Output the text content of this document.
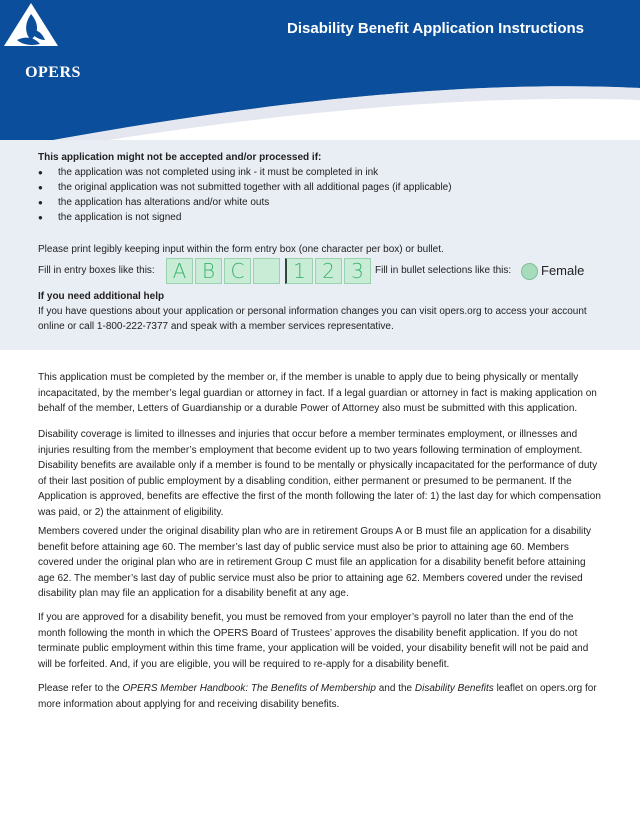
OPERS
Disability Benefit Application Instructions
This application might not be accepted and/or processed if:
● the application was not completed using ink - it must be completed in ink
● the original application was not submitted together with all additional pages (if applicable)
● the application has alterations and/or white outs
● the application is not signed
Please print legibly keeping input within the form entry box (one character per box) or bullet.
Fill in entry boxes like this: A B C	1 2 3	Fill in bullet selections like this: Female
If you need additional help
If you have questions about your application or personal information changes you can visit opers.org to access your account online or call 1-800-222-7377 and speak with a member services representative.
This application must be completed by the member or, if the member is unable to apply due to being physically or mentally incapacitated, by the member’s legal guardian or attorney in fact. If a legal guardian or attorney in fact is making application on behalf of the member, Letters of Guardianship or a durable Power of Attorney also must be submitted with this application.
Disability coverage is limited to illnesses and injuries that occur before a member terminates employment, or illnesses and injuries resulting from the member’s employment that become evident up to two years following termination of employment. Disability benefits are available only if a member is found to be mentally or physically incapacitated for the performance of duty of their last position of public employment by a disabling condition, either permanent or presumed to be permanent. If the Application is approved, benefits are effective the first of the month following the later of: 1) the last day for which compensation was paid, or 2) the attainment of eligibility.
Members covered under the original disability plan who are in retirement Groups A or B must file an application for a disability benefit before attaining age 60. The member’s last day of public service must also be prior to attaining age 60. Members covered under the original plan who are in retirement Group C must file an application for a disability benefit before attaining age 62. The member’s last day of public service must also be prior to attaining age 62. Members covered under the revised disability plan may file an application for a disability benefit at any age.
If you are approved for a disability benefit, you must be removed from your employer’s payroll no later than the end of the month following the month in which the OPERS Board of Trustees’ approves the disability benefit application. If you do not terminate public employment within this time frame, your application will be voided, your disability benefit will not be paid and will be forfeited. And, if you are eligible, you will be required to re-apply for a disability benefit.
Please refer to the OPERS Member Handbook: The Benefits of Membership and the Disability Benefits leaflet on opers.org for more information about applying for and receiving disability benefits.
